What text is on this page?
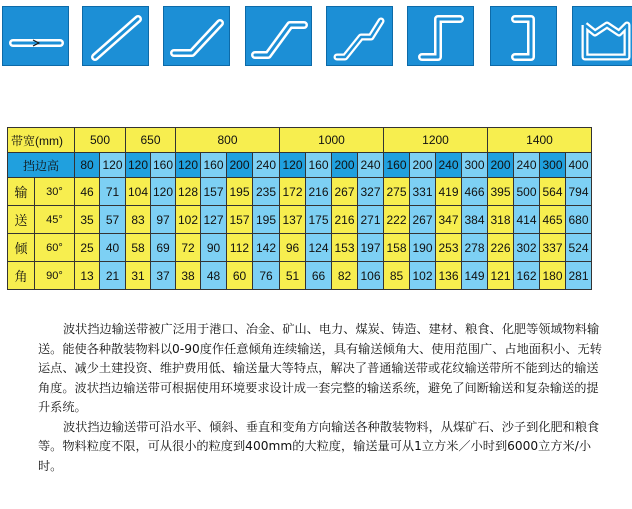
带宽(mm)		500		650		800				1000				1200				1400			
挡边高		80	120	120	160	120	160	200	240	120	160	200	240	160	200	240	300	200	240	300	400
输	30°	46	71	104	120	128	157	195	235	172	216	267	327	275	331	419	466	395	500	564	794
送	45°	35	57	83	97	102	127	157	195	137	175	216	271	222	267	347	384	318	414	465	680
倾	60°	25	40	58	69	72	90	112	142	96	124	153	197	158	190	253	278	226	302	337	524
角	90°	13	21	31	37	38	48	60	76	51	66	82	106	85	102	136	149	121	162	180	281

波状挡边输送带被广泛用于港口、冶金、矿山、电力、煤炭、铸造、建材、粮食、化肥等领域物料输送。能使各种散装物料以0-90度作任意倾角连续输送，具有输送倾角大、使用范围广、占地面积小、无转运点、减少土建投资、维护费用低、输送量大等特点，解决了普通输送带或花纹输送带所不能到达的输送角度。波状挡边输送带可根据使用环境要求设计成一套完整的输送系统，避免了间断输送和复杂输送的提升系统。

波状挡边输送带可沿水平、倾斜、垂直和变角方向输送各种散装物料，从煤矿石、沙子到化肥和粮食等。物料粒度不限，可从很小的粒度到400mm的大粒度，输送量可从1立方米／小时到6000立方米/小时。
